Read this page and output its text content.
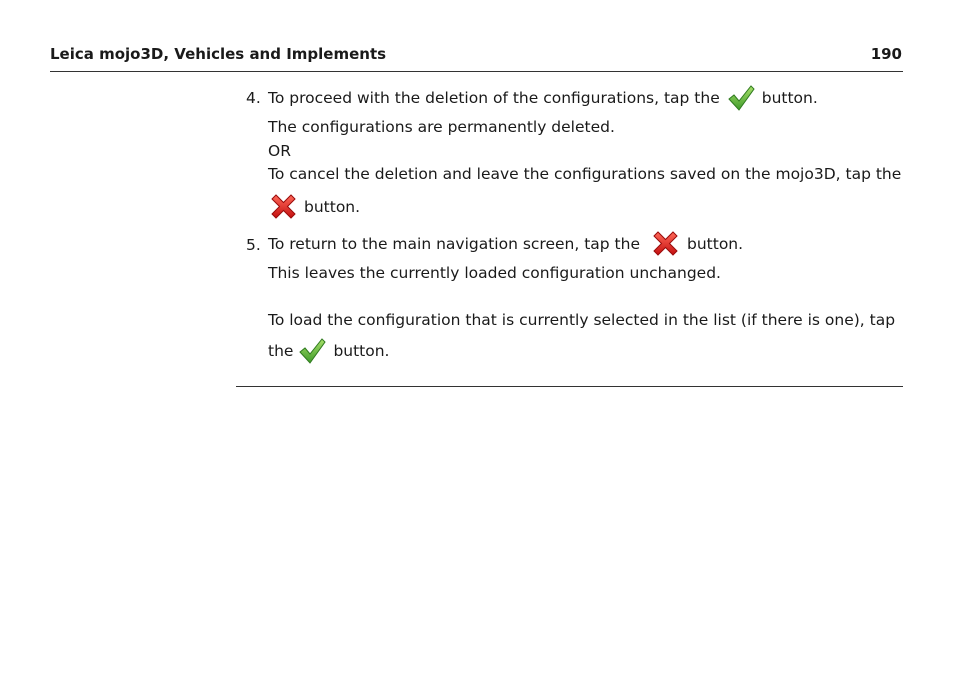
Leica mojo3D, Vehicles and Implements	190
4. To proceed with the deletion of the configurations, tap the	button.
The configurations are permanently deleted.
OR
To cancel the deletion and leave the configurations saved on the mojo3D, tap the
button.
5. To return to the main navigation screen, tap the	button.
This leaves the currently loaded configuration unchanged.
To load the configuration that is currently selected in the list (if there is one), tap
the	button.
